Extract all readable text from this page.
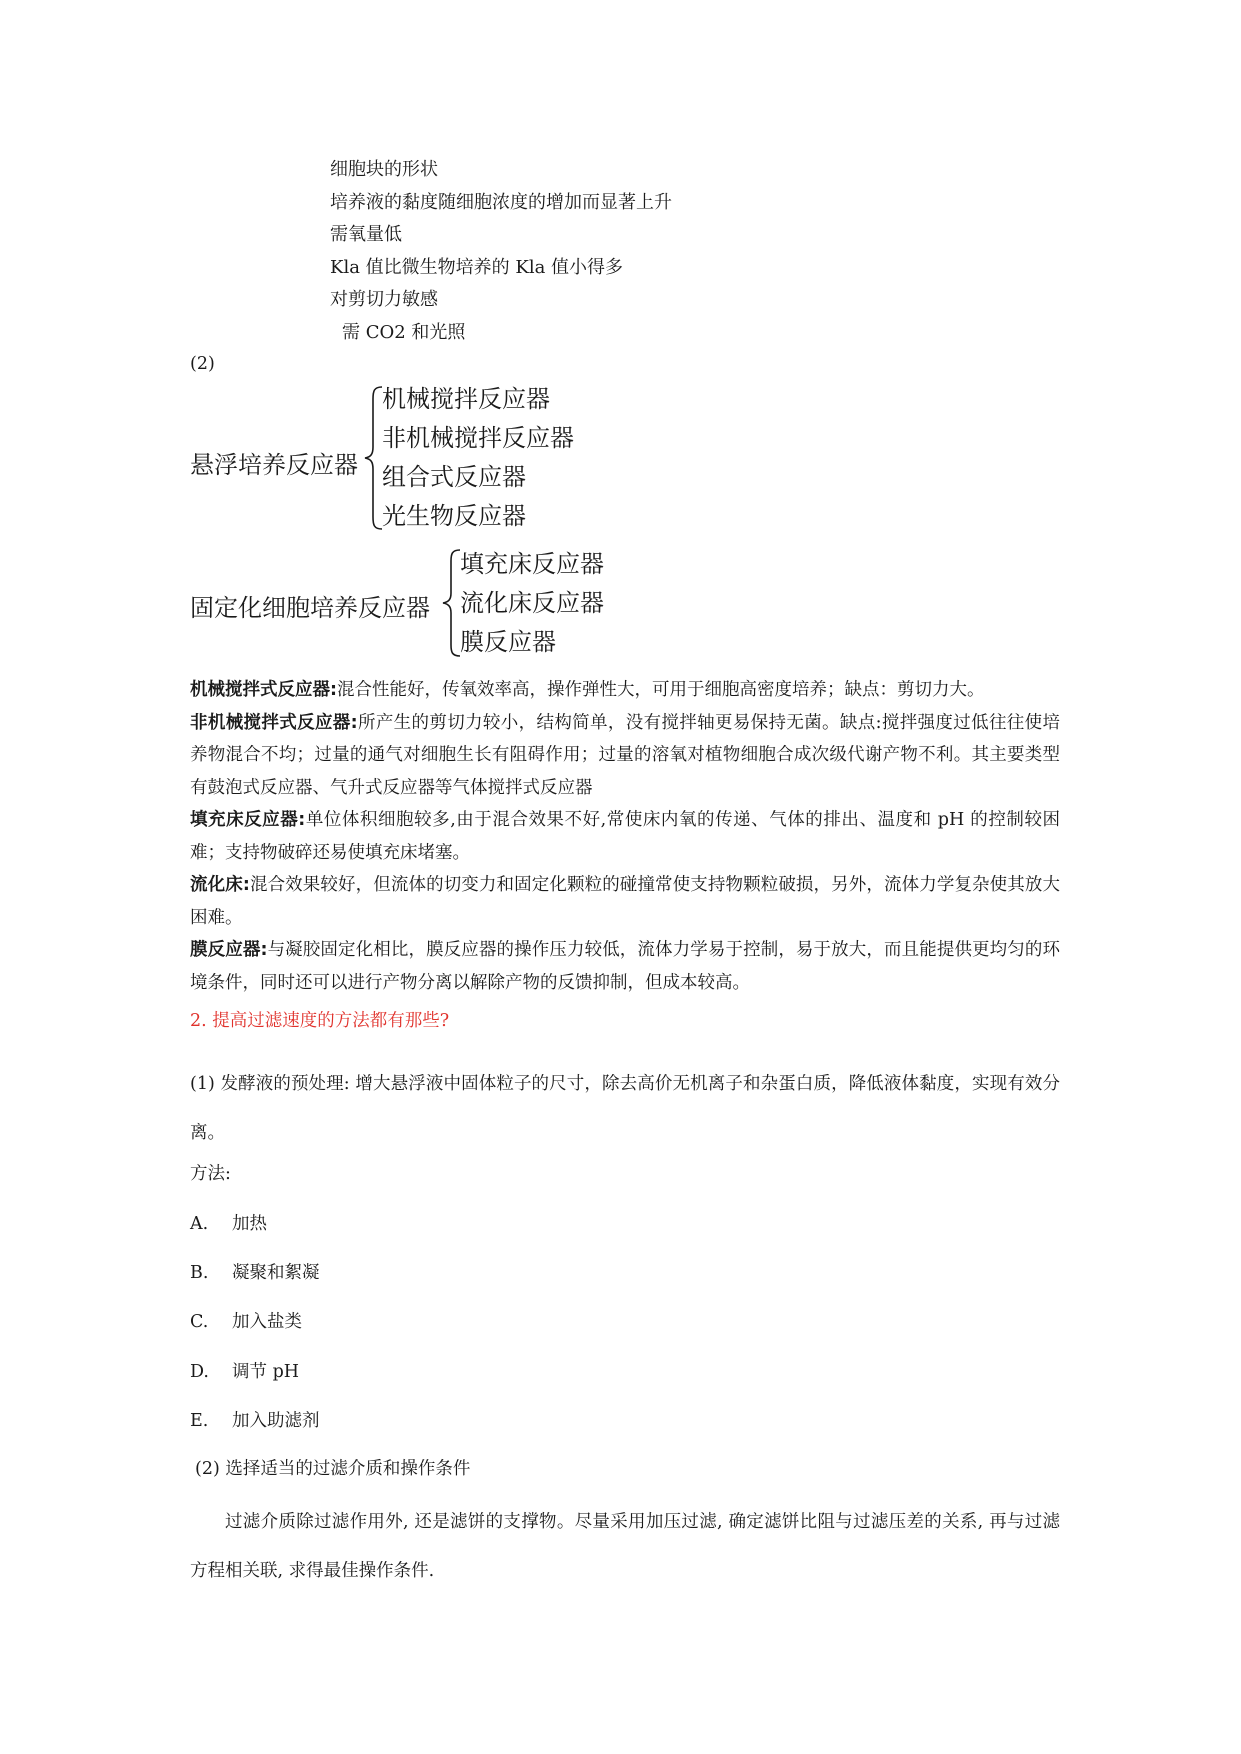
细胞块的形状
培养液的黏度随细胞浓度的增加而显著上升
需氧量低
Kla 值比微生物培养的 Kla 值小得多
对剪切力敏感
需 CO2 和光照
(2)
悬浮培养反应器
机械搅拌反应器
非机械搅拌反应器
组合式反应器
光生物反应器
固定化细胞培养反应器
填充床反应器
流化床反应器
膜反应器

机械搅拌式反应器:混合性能好，传氧效率高，操作弹性大，可用于细胞高密度培养；缺点：剪切力大。

非机械搅拌式反应器:所产生的剪切力较小，结构简单，没有搅拌轴更易保持无菌。缺点:搅拌强度过低往往使培养物混合不均；过量的通气对细胞生长有阻碍作用；过量的溶氧对植物细胞合成次级代谢产物不利。其主要类型有鼓泡式反应器、气升式反应器等气体搅拌式反应器

填充床反应器:单位体积细胞较多,由于混合效果不好,常使床内氧的传递、气体的排出、温度和 pH 的控制较困难；支持物破碎还易使填充床堵塞。

流化床:混合效果较好，但流体的切变力和固定化颗粒的碰撞常使支持物颗粒破损，另外，流体力学复杂使其放大困难。

膜反应器:与凝胶固定化相比，膜反应器的操作压力较低，流体力学易于控制，易于放大，而且能提供更均匀的环境条件，同时还可以进行产物分离以解除产物的反馈抑制，但成本较高。

2. 提高过滤速度的方法都有那些?
(1) 发酵液的预处理: 增大悬浮液中固体粒子的尺寸，除去高价无机离子和杂蛋白质，降低液体黏度，实现有效分离。
方法:
A. 加热
B. 凝聚和絮凝
C. 加入盐类
D. 调节 pH
E. 加入助滤剂
(2) 选择适当的过滤介质和操作条件
过滤介质除过滤作用外, 还是滤饼的支撑物。尽量采用加压过滤, 确定滤饼比阻与过滤压差的关系, 再与过滤方程相关联, 求得最佳操作条件.
